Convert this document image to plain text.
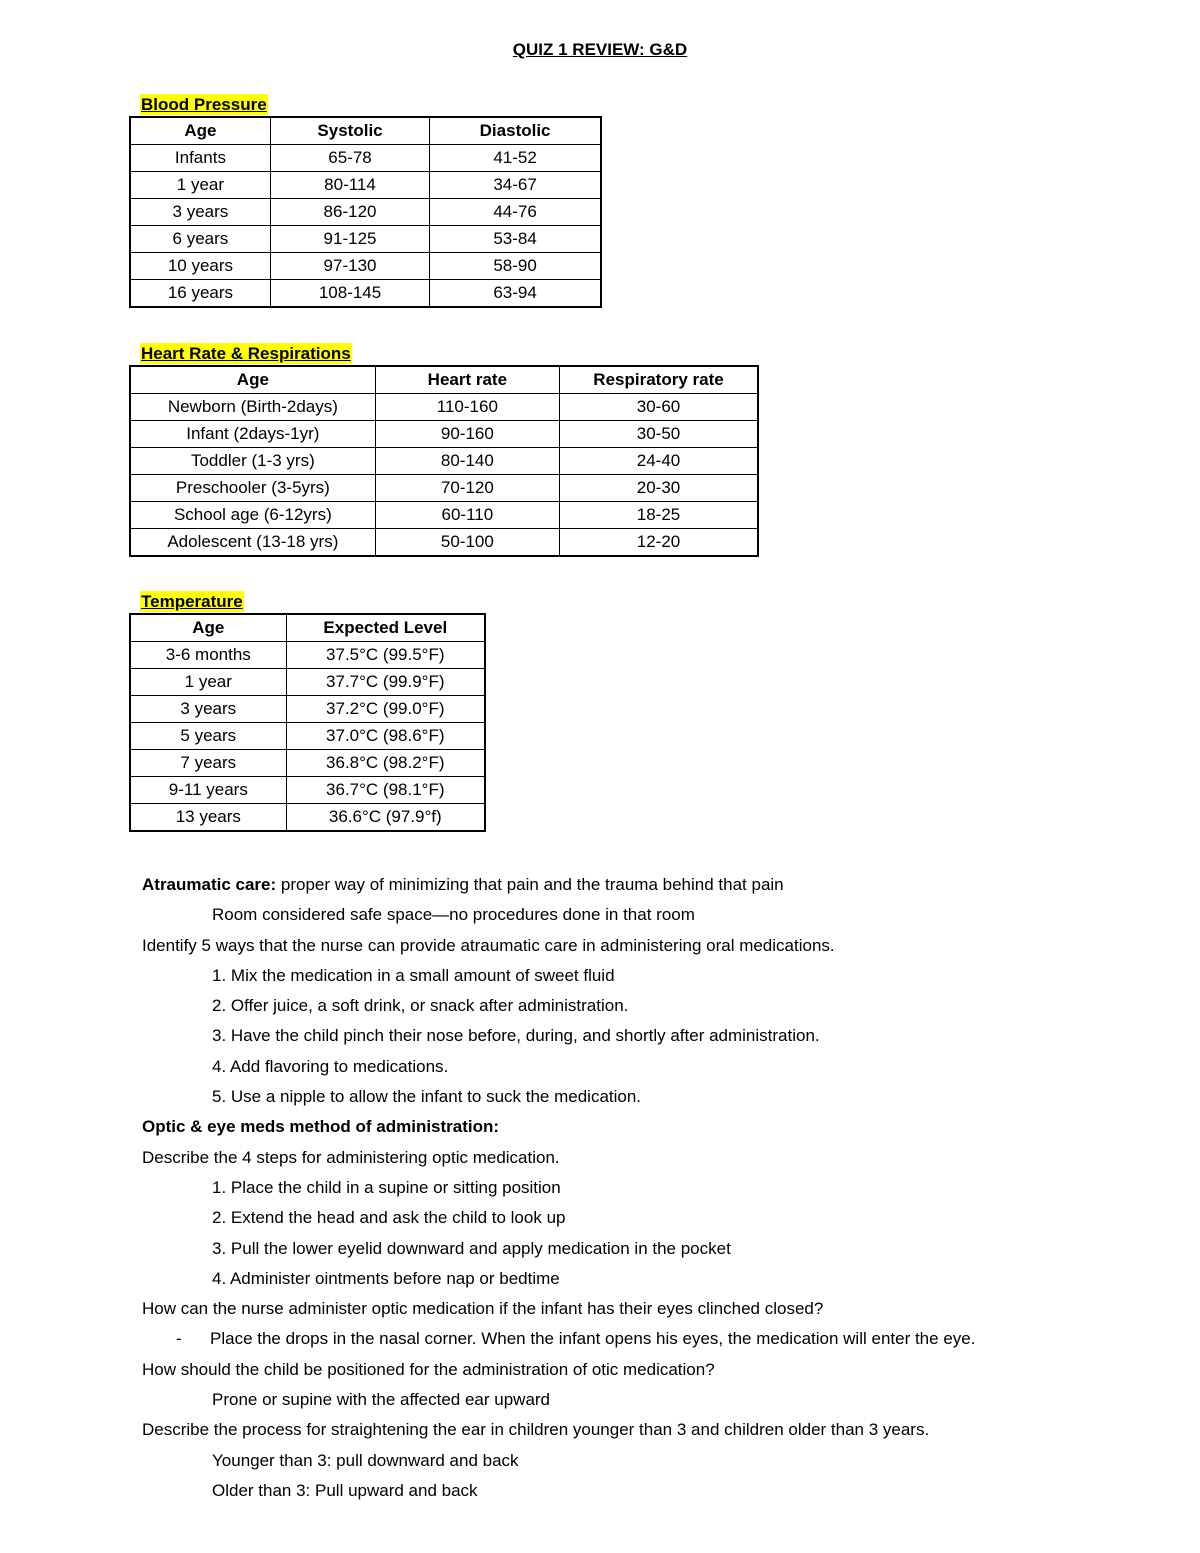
QUIZ 1 REVIEW: G&D
Blood Pressure
Age	Systolic	Diastolic
Infants	65-78	41-52
1 year	80-114	34-67
3 years	86-120	44-76
6 years	91-125	53-84
10 years	97-130	58-90
16 years	108-145	63-94
Heart Rate & Respirations
Age	Heart rate	Respiratory rate
Newborn (Birth-2days)	110-160	30-60
Infant (2days-1yr)	90-160	30-50
Toddler (1-3 yrs)	80-140	24-40
Preschooler (3-5yrs)	70-120	20-30
School age (6-12yrs)	60-110	18-25
Adolescent (13-18 yrs)	50-100	12-20
Temperature
Age	Expected Level
3-6 months	37.5°C (99.5°F)
1 year	37.7°C (99.9°F)
3 years	37.2°C (99.0°F)
5 years	37.0°C (98.6°F)
7 years	36.8°C (98.2°F)
9-11 years	36.7°C (98.1°F)
13 years	36.6°C (97.9°f)
Atraumatic care: proper way of minimizing that pain and the trauma behind that pain
Room considered safe space—no procedures done in that room
Identify 5 ways that the nurse can provide atraumatic care in administering oral medications.
1. Mix the medication in a small amount of sweet fluid
2. Offer juice, a soft drink, or snack after administration.
3. Have the child pinch their nose before, during, and shortly after administration.
4. Add flavoring to medications.
5. Use a nipple to allow the infant to suck the medication.
Optic & eye meds method of administration:
Describe the 4 steps for administering optic medication.
1. Place the child in a supine or sitting position
2. Extend the head and ask the child to look up
3. Pull the lower eyelid downward and apply medication in the pocket
4. Administer ointments before nap or bedtime
How can the nurse administer optic medication if the infant has their eyes clinched closed?
-	Place the drops in the nasal corner. When the infant opens his eyes, the medication will enter the eye.
How should the child be positioned for the administration of otic medication?
Prone or supine with the affected ear upward
Describe the process for straightening the ear in children younger than 3 and children older than 3 years.
Younger than 3: pull downward and back
Older than 3: Pull upward and back
